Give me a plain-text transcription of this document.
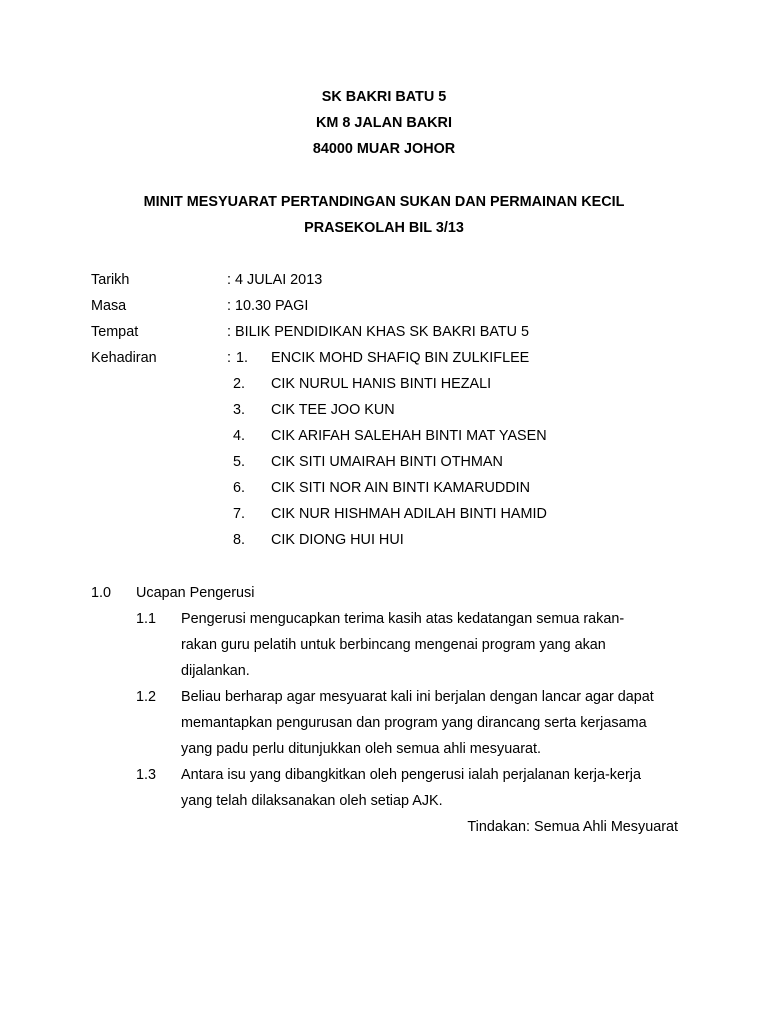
SK BAKRI BATU 5
KM 8 JALAN BAKRI
84000 MUAR JOHOR
MINIT MESYUARAT PERTANDINGAN SUKAN DAN PERMAINAN KECIL
PRASEKOLAH BIL 3/13
Tarikh	: 4 JULAI 2013
Masa	: 10.30 PAGI
Tempat	: BILIK PENDIDIKAN KHAS SK BAKRI BATU 5
Kehadiran	: 1. ENCIK MOHD SHAFIQ BIN ZULKIFLEE
2. CIK NURUL HANIS BINTI HEZALI
3. CIK TEE JOO KUN
4. CIK ARIFAH SALEHAH BINTI MAT YASEN
5. CIK SITI UMAIRAH BINTI OTHMAN
6. CIK SITI NOR AIN BINTI KAMARUDDIN
7. CIK NUR HISHMAH ADILAH BINTI HAMID
8. CIK DIONG HUI HUI
1.0 Ucapan Pengerusi
1.1 Pengerusi mengucapkan terima kasih atas kedatangan semua rakan-
rakan guru pelatih untuk berbincang mengenai program yang akan
dijalankan.
1.2 Beliau berharap agar mesyuarat kali ini berjalan dengan lancar agar dapat
memantapkan pengurusan dan program yang dirancang serta kerjasama
yang padu perlu ditunjukkan oleh semua ahli mesyuarat.
1.3 Antara isu yang dibangkitkan oleh pengerusi ialah perjalanan kerja-kerja
yang telah dilaksanakan oleh setiap AJK.
Tindakan: Semua Ahli Mesyuarat
